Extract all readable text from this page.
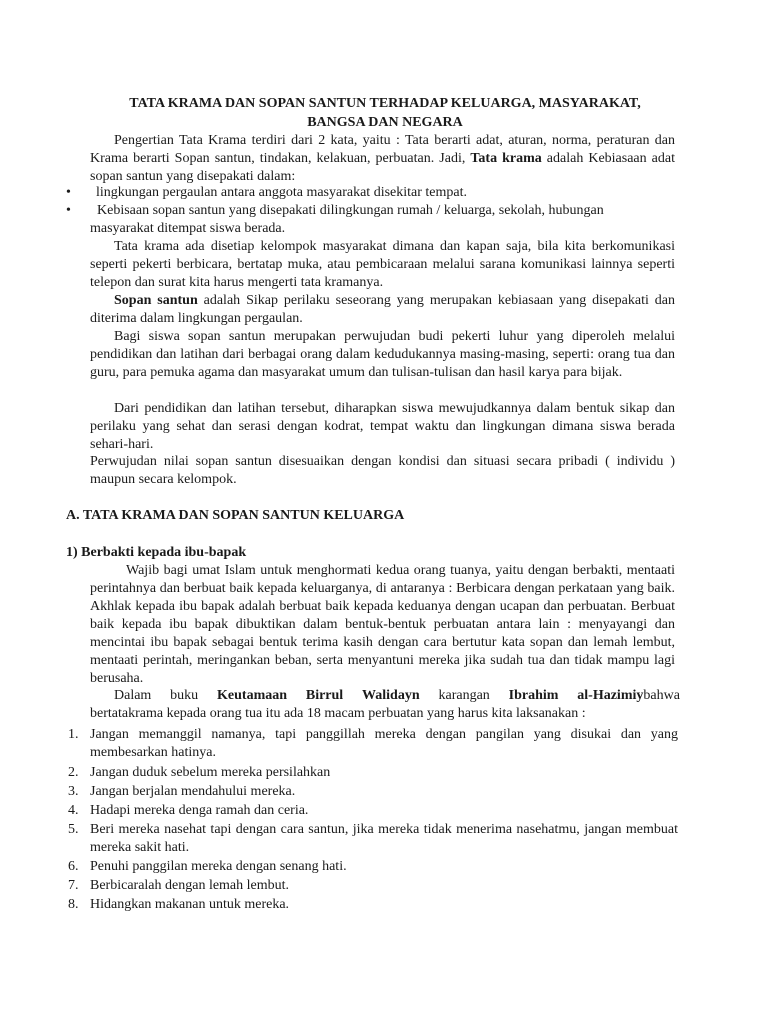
TATA KRAMA DAN SOPAN SANTUN TERHADAP KELUARGA, MASYARAKAT,
BANGSA DAN NEGARA
Pengertian Tata Krama terdiri dari 2 kata, yaitu : Tata berarti adat, aturan, norma, peraturan dan Krama berarti Sopan santun, tindakan, kelakuan, perbuatan. Jadi, Tata krama adalah Kebiasaan adat sopan santun yang disepakati dalam:
• lingkungan pergaulan antara anggota masyarakat disekitar tempat.
• Kebisaan sopan santun yang disepakati dilingkungan rumah / keluarga, sekolah, hubungan
masyarakat ditempat siswa berada.
Tata krama ada disetiap kelompok masyarakat dimana dan kapan saja, bila kita berkomunikasi seperti pekerti berbicara, bertatap muka, atau pembicaraan melalui sarana komunikasi lainnya seperti telepon dan surat kita harus mengerti tata kramanya.
Sopan santun adalah Sikap perilaku seseorang yang merupakan kebiasaan yang disepakati dan diterima dalam lingkungan pergaulan.
Bagi siswa sopan santun merupakan perwujudan budi pekerti luhur yang diperoleh melalui pendidikan dan latihan dari berbagai orang dalam kedudukannya masing-masing, seperti: orang tua dan guru, para pemuka agama dan masyarakat umum dan tulisan-tulisan dan hasil karya para bijak.
Dari pendidikan dan latihan tersebut, diharapkan siswa mewujudkannya dalam bentuk sikap dan perilaku yang sehat dan serasi dengan kodrat, tempat waktu dan lingkungan dimana siswa berada sehari-hari.
Perwujudan nilai sopan santun disesuaikan dengan kondisi dan situasi secara pribadi ( individu ) maupun secara kelompok.
A. TATA KRAMA DAN SOPAN SANTUN KELUARGA
1) Berbakti kepada ibu-bapak
Wajib bagi umat Islam untuk menghormati kedua orang tuanya, yaitu dengan berbakti, mentaati perintahnya dan berbuat baik kepada keluarganya, di antaranya : Berbicara dengan perkataan yang baik. Akhlak kepada ibu bapak adalah berbuat baik kepada keduanya dengan ucapan dan perbuatan. Berbuat baik kepada ibu bapak dibuktikan dalam bentuk-bentuk perbuatan antara lain : menyayangi dan mencintai ibu bapak sebagai bentuk terima kasih dengan cara bertutur kata sopan dan lemah lembut, mentaati perintah, meringankan beban, serta menyantuni mereka jika sudah tua dan tidak mampu lagi berusaha.
Dalam buku Keutamaan Birrul Walidayn karangan Ibrahim al-Hazimiybahwa
bertatakrama kepada orang tua itu ada 18 macam perbuatan yang harus kita laksanakan :
1. Jangan memanggil namanya, tapi panggillah mereka dengan pangilan yang disukai dan yang membesarkan hatinya.
2. Jangan duduk sebelum mereka persilahkan
3. Jangan berjalan mendahului mereka.
4. Hadapi mereka denga ramah dan ceria.
5. Beri mereka nasehat tapi dengan cara santun, jika mereka tidak menerima nasehatmu, jangan membuat mereka sakit hati.
6. Penuhi panggilan mereka dengan senang hati.
7. Berbicaralah dengan lemah lembut.
8. Hidangkan makanan untuk mereka.
